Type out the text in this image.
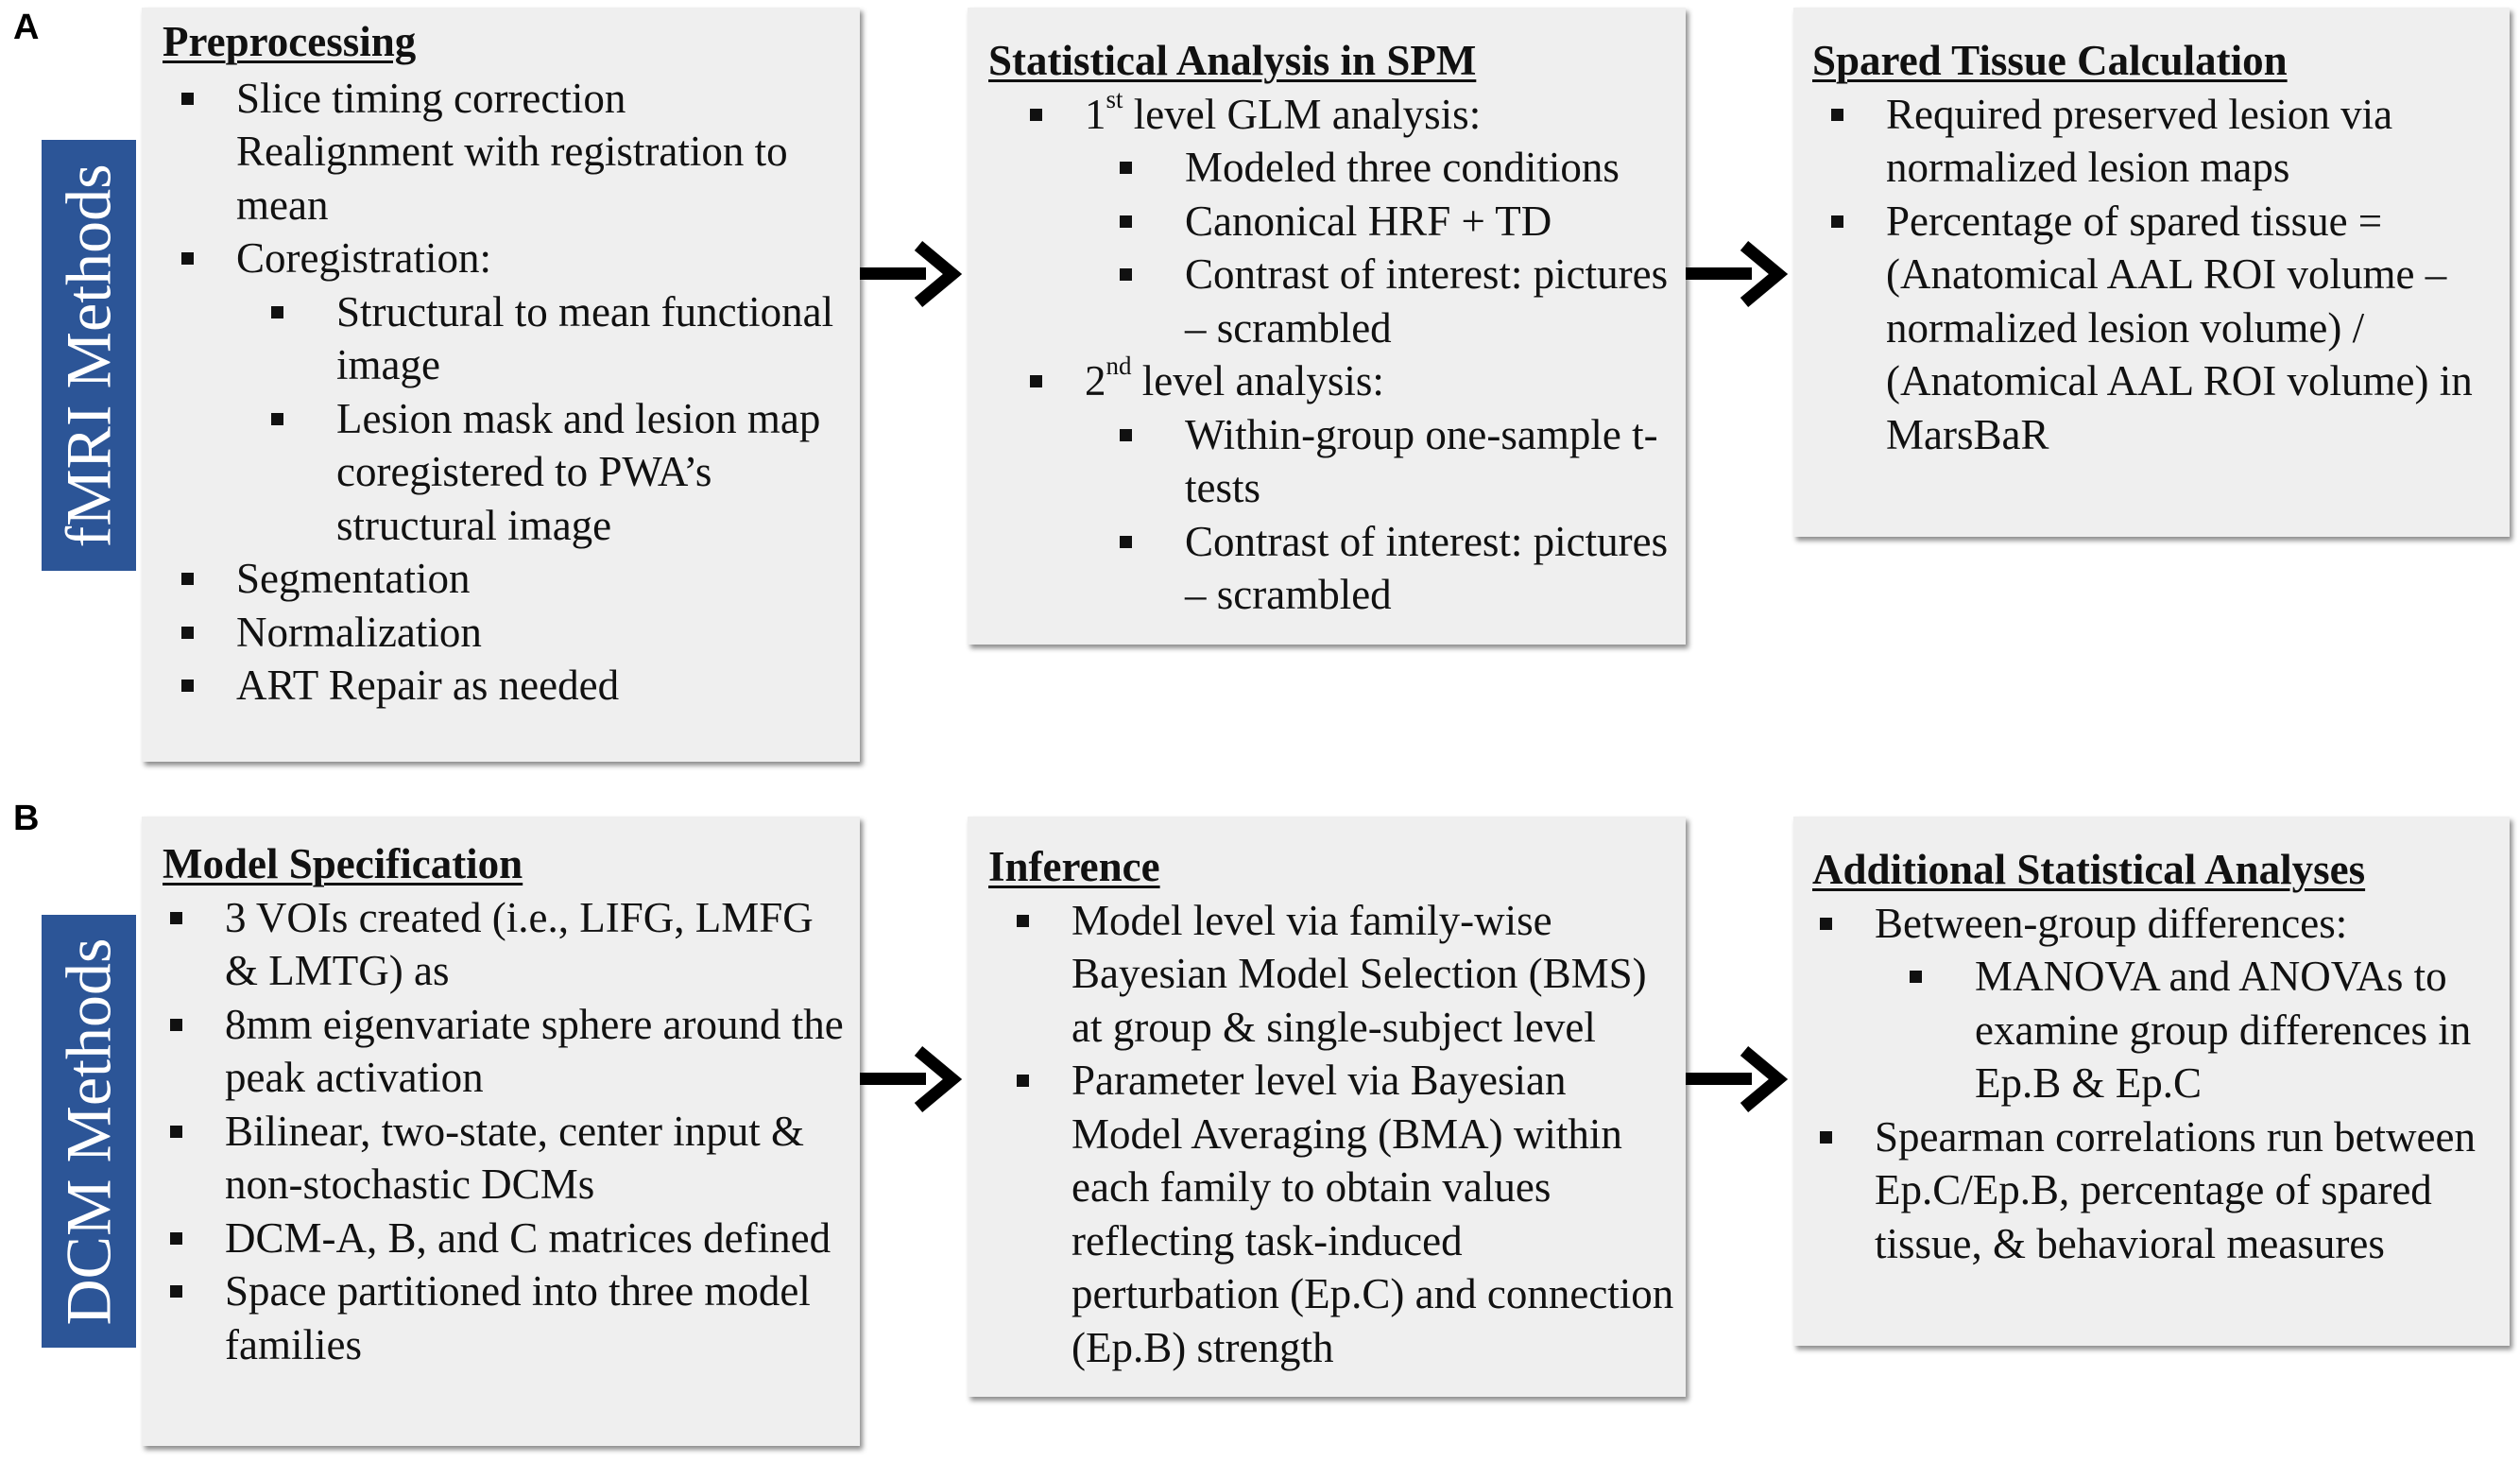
A
fMRI Methods
Preprocessing
Slice timing correction
Realignment with registration to mean
Coregistration:
Structural to mean functional image
Lesion mask and lesion map coregistered to PWA’s structural image
Segmentation
Normalization
ART Repair as needed
Statistical Analysis in SPM
1st level GLM analysis:
Modeled three conditions
Canonical HRF + TD
Contrast of interest: pictures – scrambled
2nd level analysis:
Within-group one-sample t-tests
Contrast of interest: pictures – scrambled
Spared Tissue Calculation
Required preserved lesion via normalized lesion maps
Percentage of spared tissue = (Anatomical AAL ROI volume – normalized lesion volume) / (Anatomical AAL ROI volume) in MarsBaR
B
DCM Methods
Model Specification
3 VOIs created (i.e., LIFG, LMFG & LMTG) as
8mm eigenvariate sphere around the peak activation
Bilinear, two-state, center input & non-stochastic DCMs
DCM-A, B, and C matrices defined
Space partitioned into three model families
Inference
Model level via family-wise Bayesian Model Selection (BMS) at group & single-subject level
Parameter level via Bayesian Model Averaging (BMA) within each family to obtain values reflecting task-induced perturbation (Ep.C) and connection (Ep.B) strength
Additional Statistical Analyses
Between-group differences:
MANOVA and ANOVAs to examine group differences in Ep.B & Ep.C
Spearman correlations run between Ep.C/Ep.B, percentage of spared tissue, & behavioral measures
